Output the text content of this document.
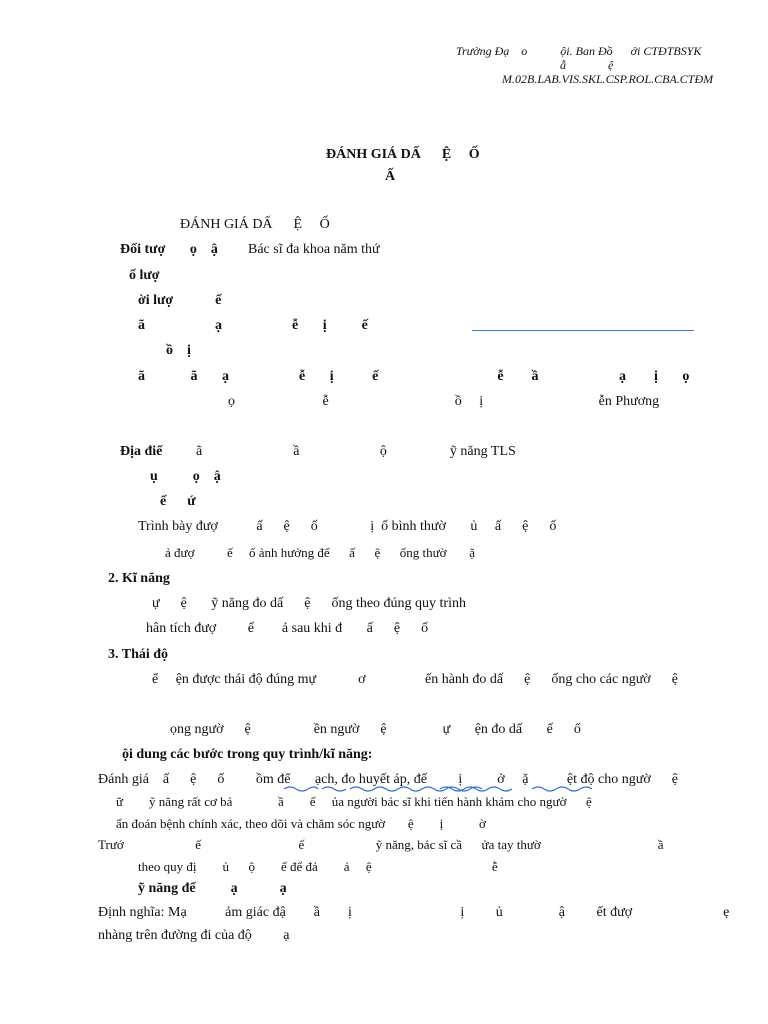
Trường Đạ    o           ội. Ban Đồ      ới CTĐTBSYK
ẫ              ệ
M.02B.LAB.VIS.SKL.CSP.ROL.CBA.CTĐM
ĐÁNH GIÁ DẤ      Ệ     Ố
Ấ
ĐÁNH GIÁ DẤ      Ệ     Ố
Đối tượ       ọ    ậ Bác sĩ đa khoa năm thứ
ố lượ
ời lượ            ế
ã                    ạ                    ễ       ị          ế
ồ    ị
ã             ã       ạ                    ễ       ị           ế                                  ễ        ầ                       ạ        ị       ọ
ọ                         ễ                                    ồ     ị                                 ễn Phương
Địa điể ã                          ầ                       ộ                  ỹ năng TLS
ụ          ọ    ậ
ế      ứ
Trình bày đượ           ấ      ệ      ố               ị  ố bình thườ       ủ     ấ      ệ      ố
ả đượ          ế     ố ảnh hưởng đế      ấ      ệ      ống thườ       ặ
2. Kĩ năng
ự      ệ       ỹ năng đo dấ      ệ      ống theo đúng quy trình
hân tích đượ         ế        ả sau khi đ       ấ      ệ      ố
3. Thái độ
ể     ện được thái độ đúng mự            ơ                 ến hành đo dấ      ệ      ống cho các ngườ      ệ
ọng ngườ      ệ                  ền ngườ      ệ                ự       ện đo dấ       ế      ố
ội dung các bước trong quy trình/kĩ năng:
Đánh giá    ấ      ệ      ố         ồm để       ạch, đo huyết áp, đế         ị          ở     ặ           ệt độ cho ngườ      ệ
ữ        ỹ năng rất cơ bả              ầ        ế     ủa người bác sĩ khi tiến hành khám cho ngườ      ệ
ẩn đoán bệnh chính xác, theo dõi và chăm sóc ngườ       ệ        ị           ờ
Trướ                      ế                              ế                      ỹ năng, bác sĩ cầ      ửa tay thườ                                    ầ
theo quy đị        ủ      ộ        ế để đả        ả     ệ                                     ễ
ỹ năng đế          ạ            ạ
Định nghĩa: Mạ           ảm giác đậ        ầ        ị                               ị         ủ                ậ         ết đượ                          ẹ
nhàng trên đường đi của độ         ạ
